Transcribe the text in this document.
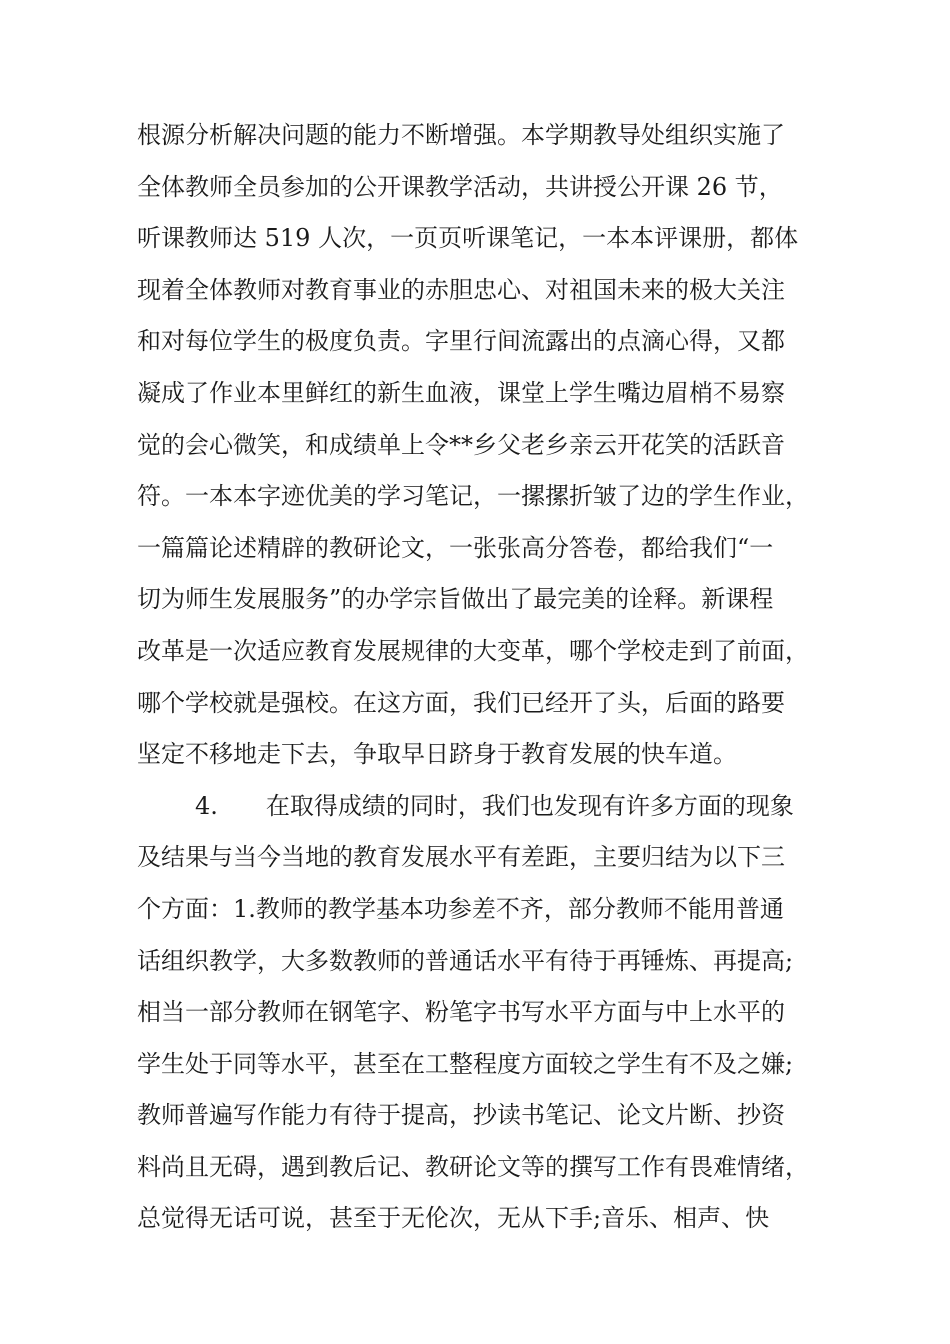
根源分析解决问题的能力不断增强。本学期教导处组织实施了
全体教师全员参加的公开课教学活动，共讲授公开课 26 节，
听课教师达 519 人次，一页页听课笔记，一本本评课册，都体
现着全体教师对教育事业的赤胆忠心、对祖国未来的极大关注
和对每位学生的极度负责。字里行间流露出的点滴心得，又都
凝成了作业本里鲜红的新生血液，课堂上学生嘴边眉梢不易察
觉的会心微笑，和成绩单上令**乡父老乡亲云开花笑的活跃音
符。一本本字迹优美的学习笔记，一摞摞折皱了边的学生作业，
一篇篇论述精辟的教研论文，一张张高分答卷，都给我们“一
切为师生发展服务”的办学宗旨做出了最完美的诠释。新课程
改革是一次适应教育发展规律的大变革，哪个学校走到了前面，
哪个学校就是强校。在这方面，我们已经开了头，后面的路要
坚定不移地走下去，争取早日跻身于教育发展的快车道。
4.　　在取得成绩的同时，我们也发现有许多方面的现象
及结果与当今当地的教育发展水平有差距，主要归结为以下三
个方面：1.教师的教学基本功参差不齐，部分教师不能用普通
话组织教学，大多数教师的普通话水平有待于再锤炼、再提高;
相当一部分教师在钢笔字、粉笔字书写水平方面与中上水平的
学生处于同等水平，甚至在工整程度方面较之学生有不及之嫌;
教师普遍写作能力有待于提高，抄读书笔记、论文片断、抄资
料尚且无碍，遇到教后记、教研论文等的撰写工作有畏难情绪，
总觉得无话可说，甚至于无伦次，无从下手;音乐、相声、快
